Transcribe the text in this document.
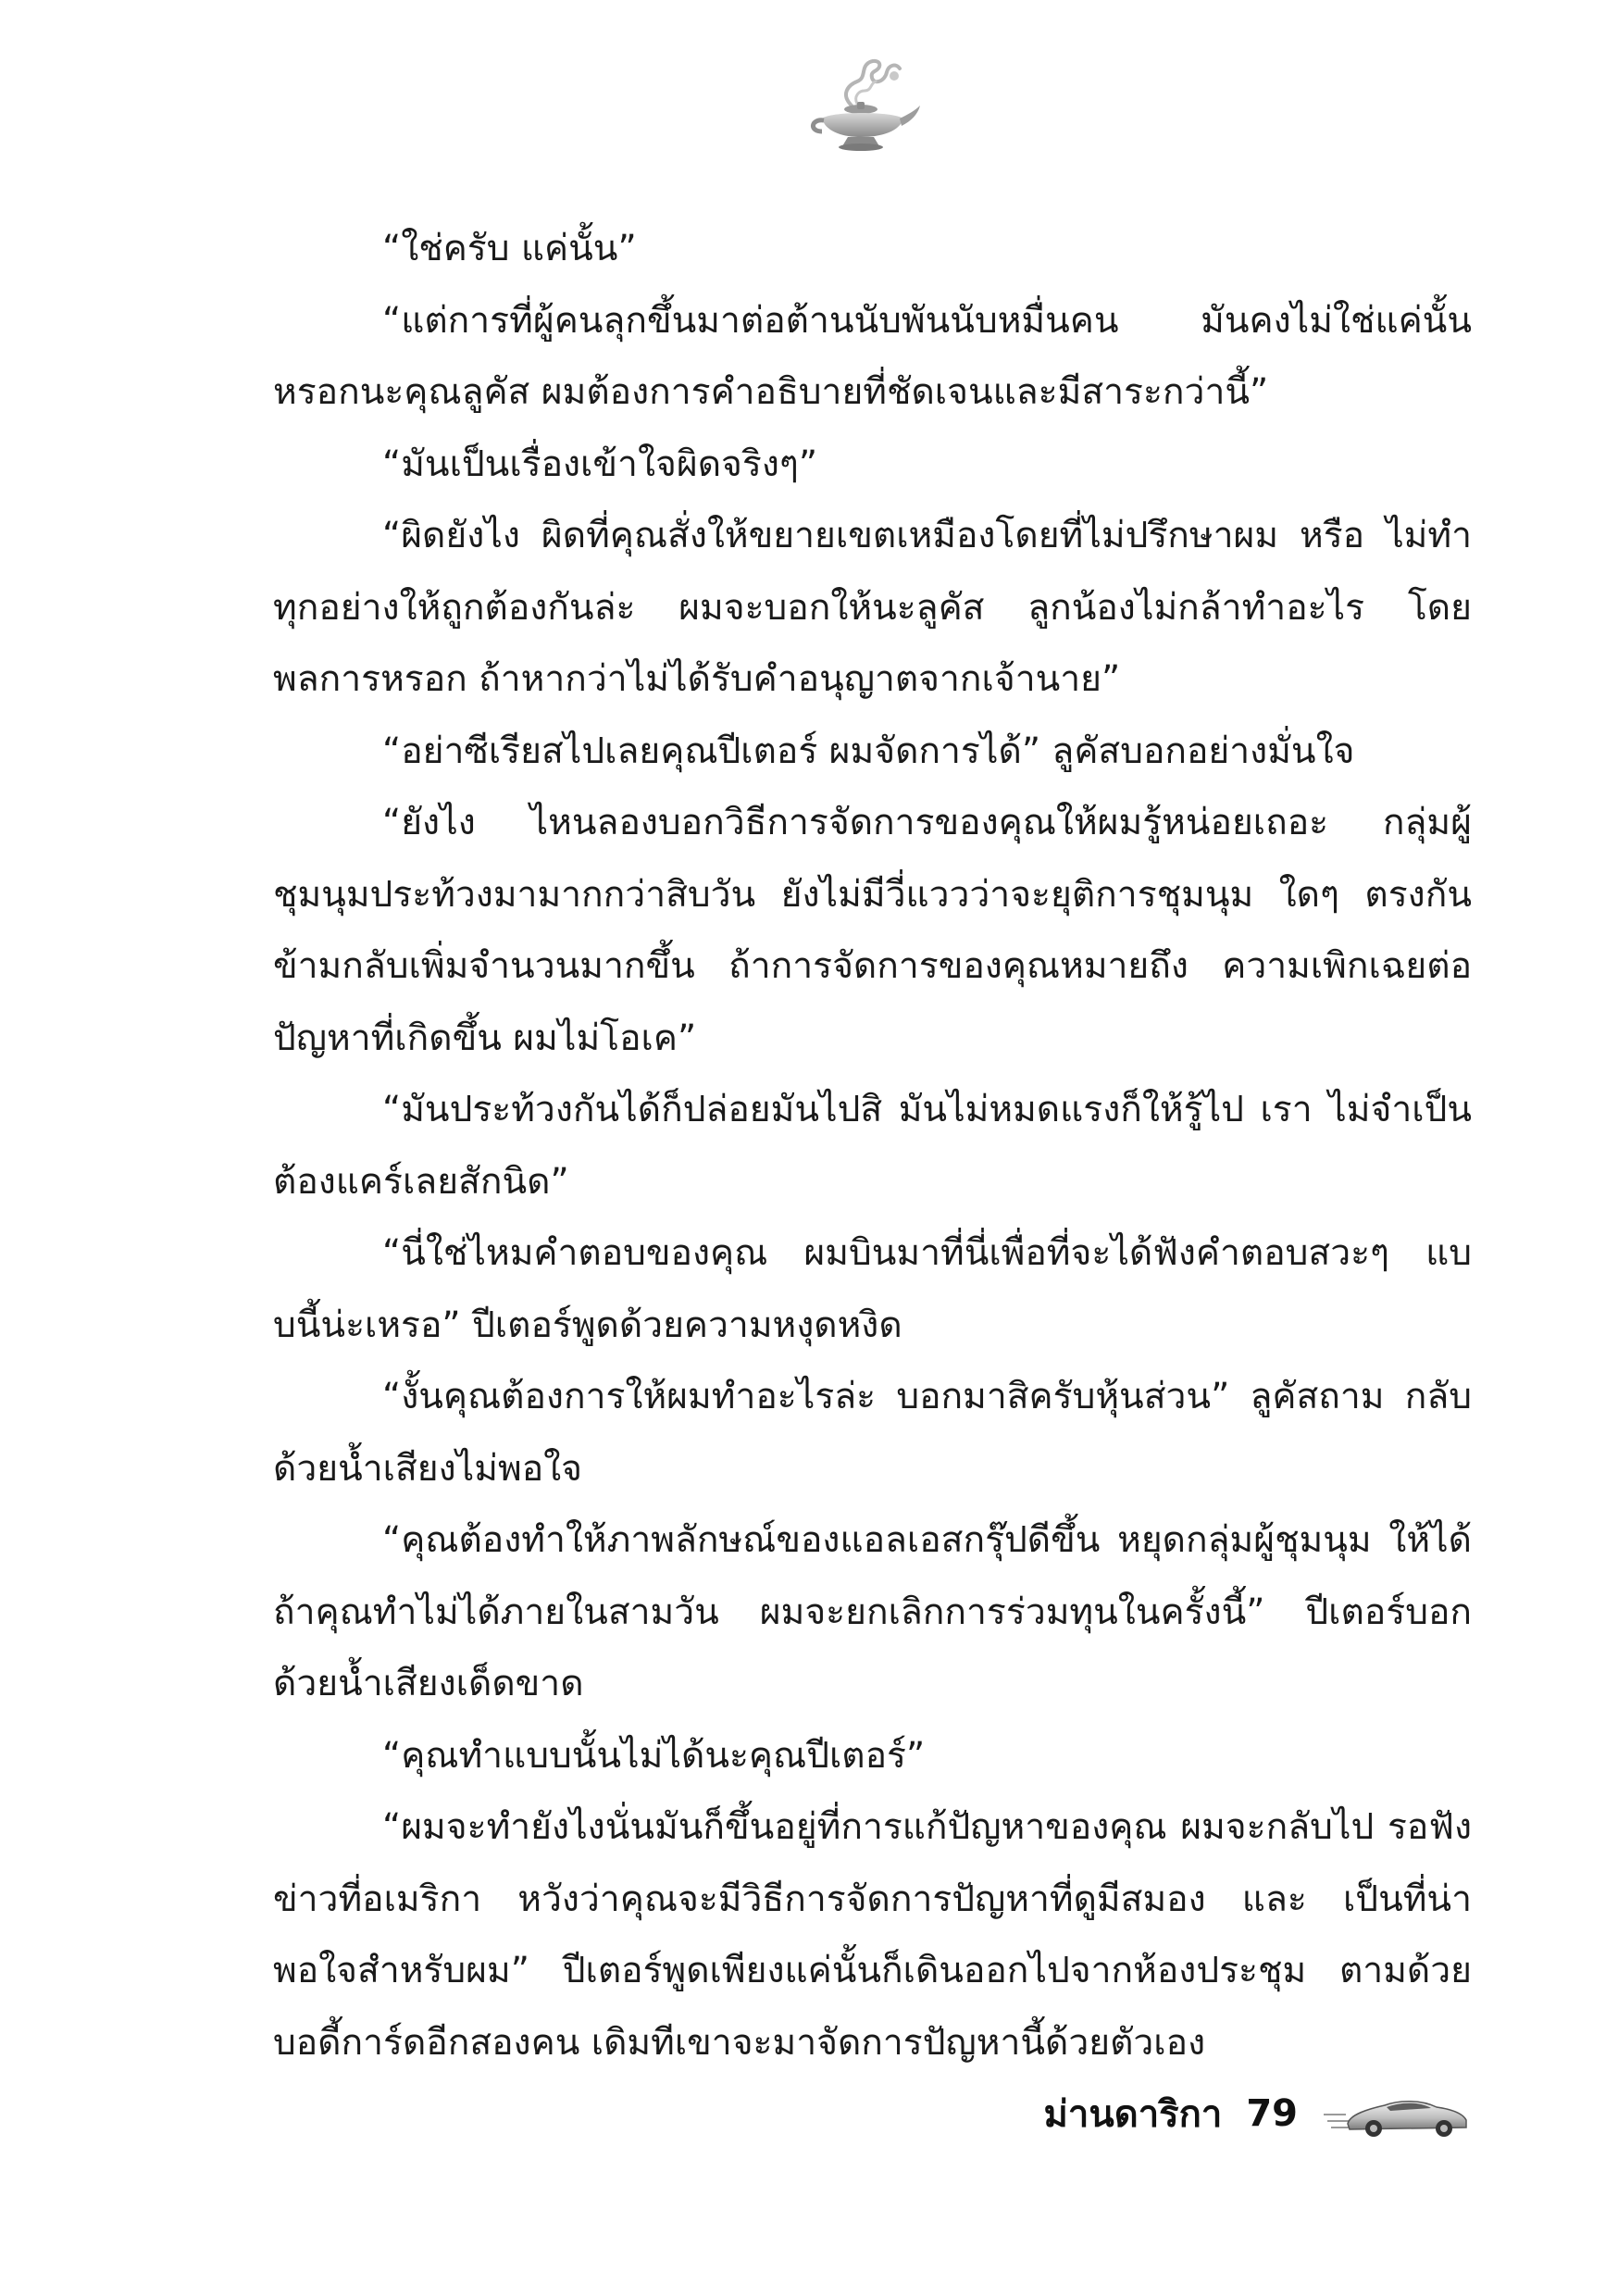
“ใช่ครับ แค่นั้น”

“แต่การที่ผู้คนลุกขึ้นมาต่อต้านนับพันนับหมื่นคน มันคงไม่ใช่แค่นั้น หรอกนะคุณลูคัส ผมต้องการคำอธิบายที่ชัดเจนและมีสาระกว่านี้”

“มันเป็นเรื่องเข้าใจผิดจริงๆ”

“ผิดยังไง ผิดที่คุณสั่งให้ขยายเขตเหมืองโดยที่ไม่ปรึกษาผม หรือ ไม่ทำทุกอย่างให้ถูกต้องกันล่ะ ผมจะบอกให้นะลูคัส ลูกน้องไม่กล้าทำอะไร โดยพลการหรอก ถ้าหากว่าไม่ได้รับคำอนุญาตจากเจ้านาย”

“อย่าซีเรียสไปเลยคุณปีเตอร์ ผมจัดการได้” ลูคัสบอกอย่างมั่นใจ

“ยังไง ไหนลองบอกวิธีการจัดการของคุณให้ผมรู้หน่อยเถอะ กลุ่มผู้ชุมนุมประท้วงมามากกว่าสิบวัน ยังไม่มีวี่แววว่าจะยุติการชุมนุม ใดๆ ตรงกันข้ามกลับเพิ่มจำนวนมากขึ้น ถ้าการจัดการของคุณหมายถึง ความเพิกเฉยต่อปัญหาที่เกิดขึ้น ผมไม่โอเค”

“มันประท้วงกันได้ก็ปล่อยมันไปสิ มันไม่หมดแรงก็ให้รู้ไป เรา ไม่จำเป็นต้องแคร์เลยสักนิด”

“นี่ใช่ไหมคำตอบของคุณ ผมบินมาที่นี่เพื่อที่จะได้ฟังคำตอบสวะๆ แบบนี้น่ะเหรอ” ปีเตอร์พูดด้วยความหงุดหงิด

“งั้นคุณต้องการให้ผมทำอะไรล่ะ บอกมาสิครับหุ้นส่วน” ลูคัสถาม กลับด้วยน้ำเสียงไม่พอใจ

“คุณต้องทำให้ภาพลักษณ์ของแอลเอสกรุ๊ปดีขึ้น หยุดกลุ่มผู้ชุมนุม ให้ได้ ถ้าคุณทำไม่ได้ภายในสามวัน ผมจะยกเลิกการร่วมทุนในครั้งนี้” ปีเตอร์บอกด้วยน้ำเสียงเด็ดขาด

“คุณทำแบบนั้นไม่ได้นะคุณปีเตอร์”

“ผมจะทำยังไงนั่นมันก็ขึ้นอยู่ที่การแก้ปัญหาของคุณ ผมจะกลับไป รอฟังข่าวที่อเมริกา หวังว่าคุณจะมีวิธีการจัดการปัญหาที่ดูมีสมอง และ เป็นที่น่าพอใจสำหรับผม” ปีเตอร์พูดเพียงแค่นั้นก็เดินออกไปจากห้องประชุม ตามด้วยบอดี้การ์ดอีกสองคน เดิมทีเขาจะมาจัดการปัญหานี้ด้วยตัวเอง

ม่านดาริกา 79
